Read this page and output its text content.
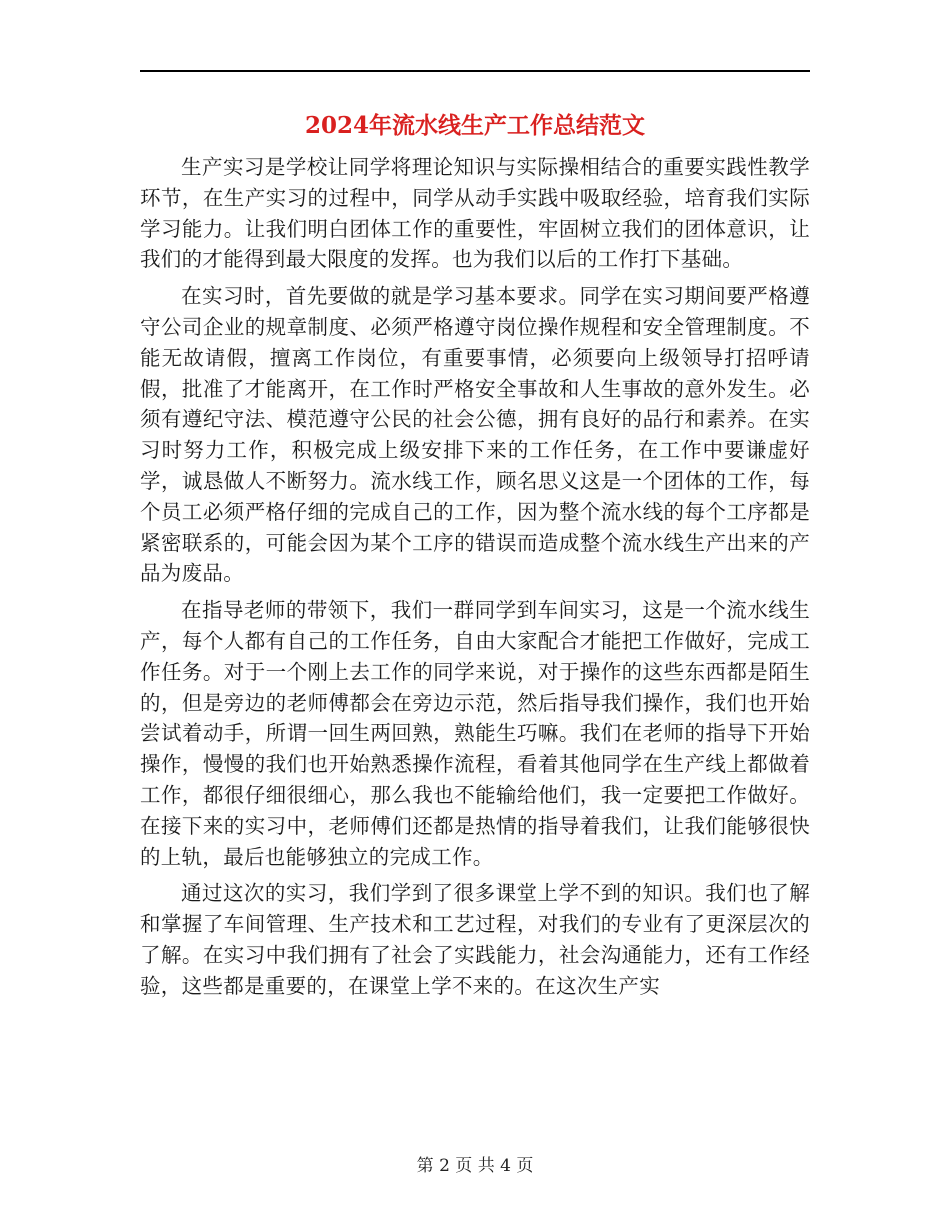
2024年流水线生产工作总结范文

生产实习是学校让同学将理论知识与实际操相结合的重要实践性教学环节，在生产实习的过程中，同学从动手实践中吸取经验，培育我们实际学习能力。让我们明白团体工作的重要性，牢固树立我们的团体意识，让我们的才能得到最大限度的发挥。也为我们以后的工作打下基础。

在实习时，首先要做的就是学习基本要求。同学在实习期间要严格遵守公司企业的规章制度、必须严格遵守岗位操作规程和安全管理制度。不能无故请假，擅离工作岗位，有重要事情，必须要向上级领导打招呼请假，批准了才能离开，在工作时严格安全事故和人生事故的意外发生。必须有遵纪守法、模范遵守公民的社会公德，拥有良好的品行和素养。在实习时努力工作，积极完成上级安排下来的工作任务，在工作中要谦虚好学，诚恳做人不断努力。流水线工作，顾名思义这是一个团体的工作，每个员工必须严格仔细的完成自己的工作，因为整个流水线的每个工序都是紧密联系的，可能会因为某个工序的错误而造成整个流水线生产出来的产品为废品。

在指导老师的带领下，我们一群同学到车间实习，这是一个流水线生产，每个人都有自己的工作任务，自由大家配合才能把工作做好，完成工作任务。对于一个刚上去工作的同学来说，对于操作的这些东西都是陌生的，但是旁边的老师傅都会在旁边示范，然后指导我们操作，我们也开始尝试着动手，所谓一回生两回熟，熟能生巧嘛。我们在老师的指导下开始操作，慢慢的我们也开始熟悉操作流程，看着其他同学在生产线上都做着工作，都很仔细很细心，那么我也不能输给他们，我一定要把工作做好。在接下来的实习中，老师傅们还都是热情的指导着我们，让我们能够很快的上轨，最后也能够独立的完成工作。

通过这次的实习，我们学到了很多课堂上学不到的知识。我们也了解和掌握了车间管理、生产技术和工艺过程，对我们的专业有了更深层次的了解。在实习中我们拥有了社会了实践能力，社会沟通能力，还有工作经验，这些都是重要的，在课堂上学不来的。在这次生产实

第 2 页 共 4 页
